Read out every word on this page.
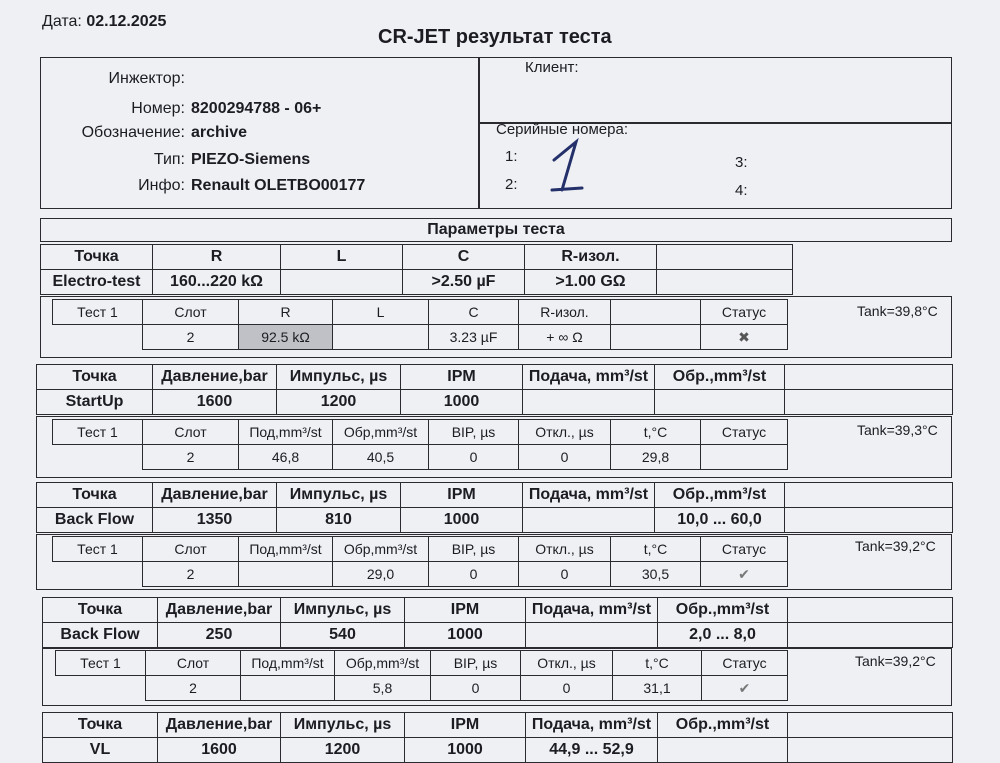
Дата: 02.12.2025
CR-JET результат теста
Инжектор:
Номер: 8200294788 - 06+
Обозначение: archive
Тип: PIEZO-Siemens
Инфо: Renault OLETBO00177
Клиент:
Серийные номера:
1:
2:
3:
4:
Параметры теста
Точка	R	L	C	R-изол.		
Electro-test	160...220 kΩ		>2.50 µF	>1.00 GΩ		
Тест 1	Слот	R	L	C	R-изол.		Статус
	2	92.5 kΩ		3.23 µF	+ ∞ Ω		✖
Tank=39,8°C
Точка	Давление,bar	Импульс, µs	IPM	Подача, mm³/st	Обр.,mm³/st	
StartUp	1600	1200	1000			
Тест 1	Слот	Под,mm³/st	Обр,mm³/st	BIP, µs	Откл., µs	t,°C	Статус
	2	46,8	40,5	0	0	29,8	
Tank=39,3°C
Точка	Давление,bar	Импульс, µs	IPM	Подача, mm³/st	Обр.,mm³/st	
Back Flow	1350	810	1000		10,0 ... 60,0	
Тест 1	Слот	Под,mm³/st	Обр,mm³/st	BIP, µs	Откл., µs	t,°C	Статус
	2		29,0	0	0	30,5	✔
Tank=39,2°C
Точка	Давление,bar	Импульс, µs	IPM	Подача, mm³/st	Обр.,mm³/st	
Back Flow	250	540	1000		2,0 ... 8,0	
Тест 1	Слот	Под,mm³/st	Обр,mm³/st	BIP, µs	Откл., µs	t,°C	Статус
	2		5,8	0	0	31,1	✔
Tank=39,2°C
Точка	Давление,bar	Импульс, µs	IPM	Подача, mm³/st	Обр.,mm³/st	
VL	1600	1200	1000	44,9 ... 52,9		
